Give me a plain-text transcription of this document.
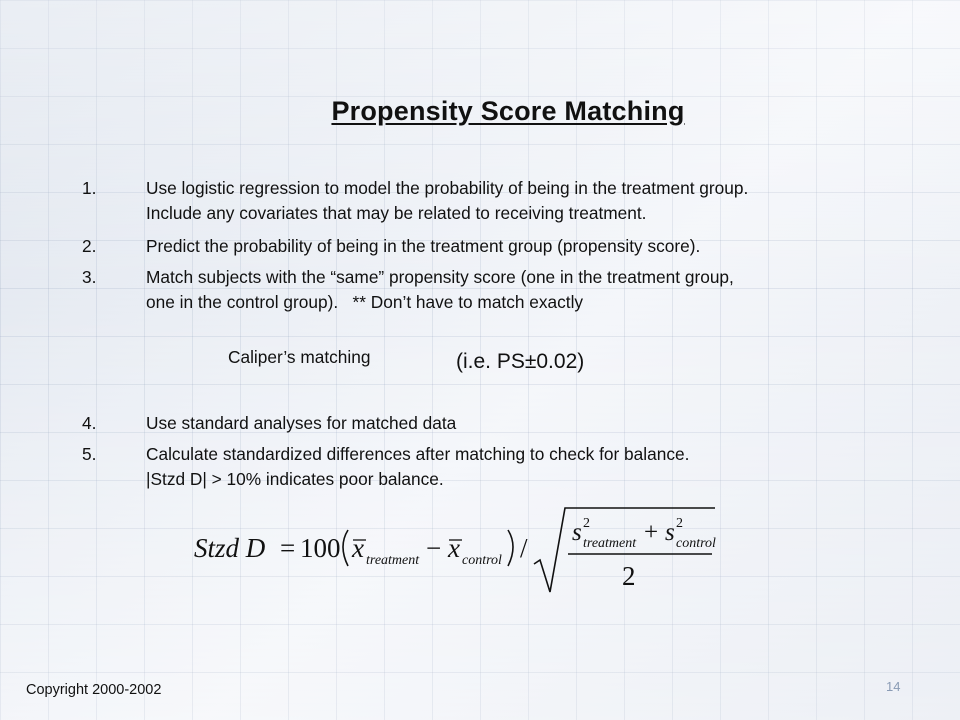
Propensity Score Matching
1.	Use logistic regression to model the probability of being in the treatment group.
Include any covariates that may be related to receiving treatment.
2.	Predict the probability of being in the treatment group (propensity score).
3.	Match subjects with the “same” propensity score (one in the treatment group,
one in the control group).   ** Don’t have to match exactly
Caliper’s matching	(i.e. PS±0.02)
4.	Use standard analyses for matched data
5.	Calculate standardized differences after matching to check for balance.
|Stzd D| > 10% indicates poor balance.
Stzd D = 100 x treatment − x control /
s 2
treatment + s 2
control
2
Copyright 2000-2002	14
